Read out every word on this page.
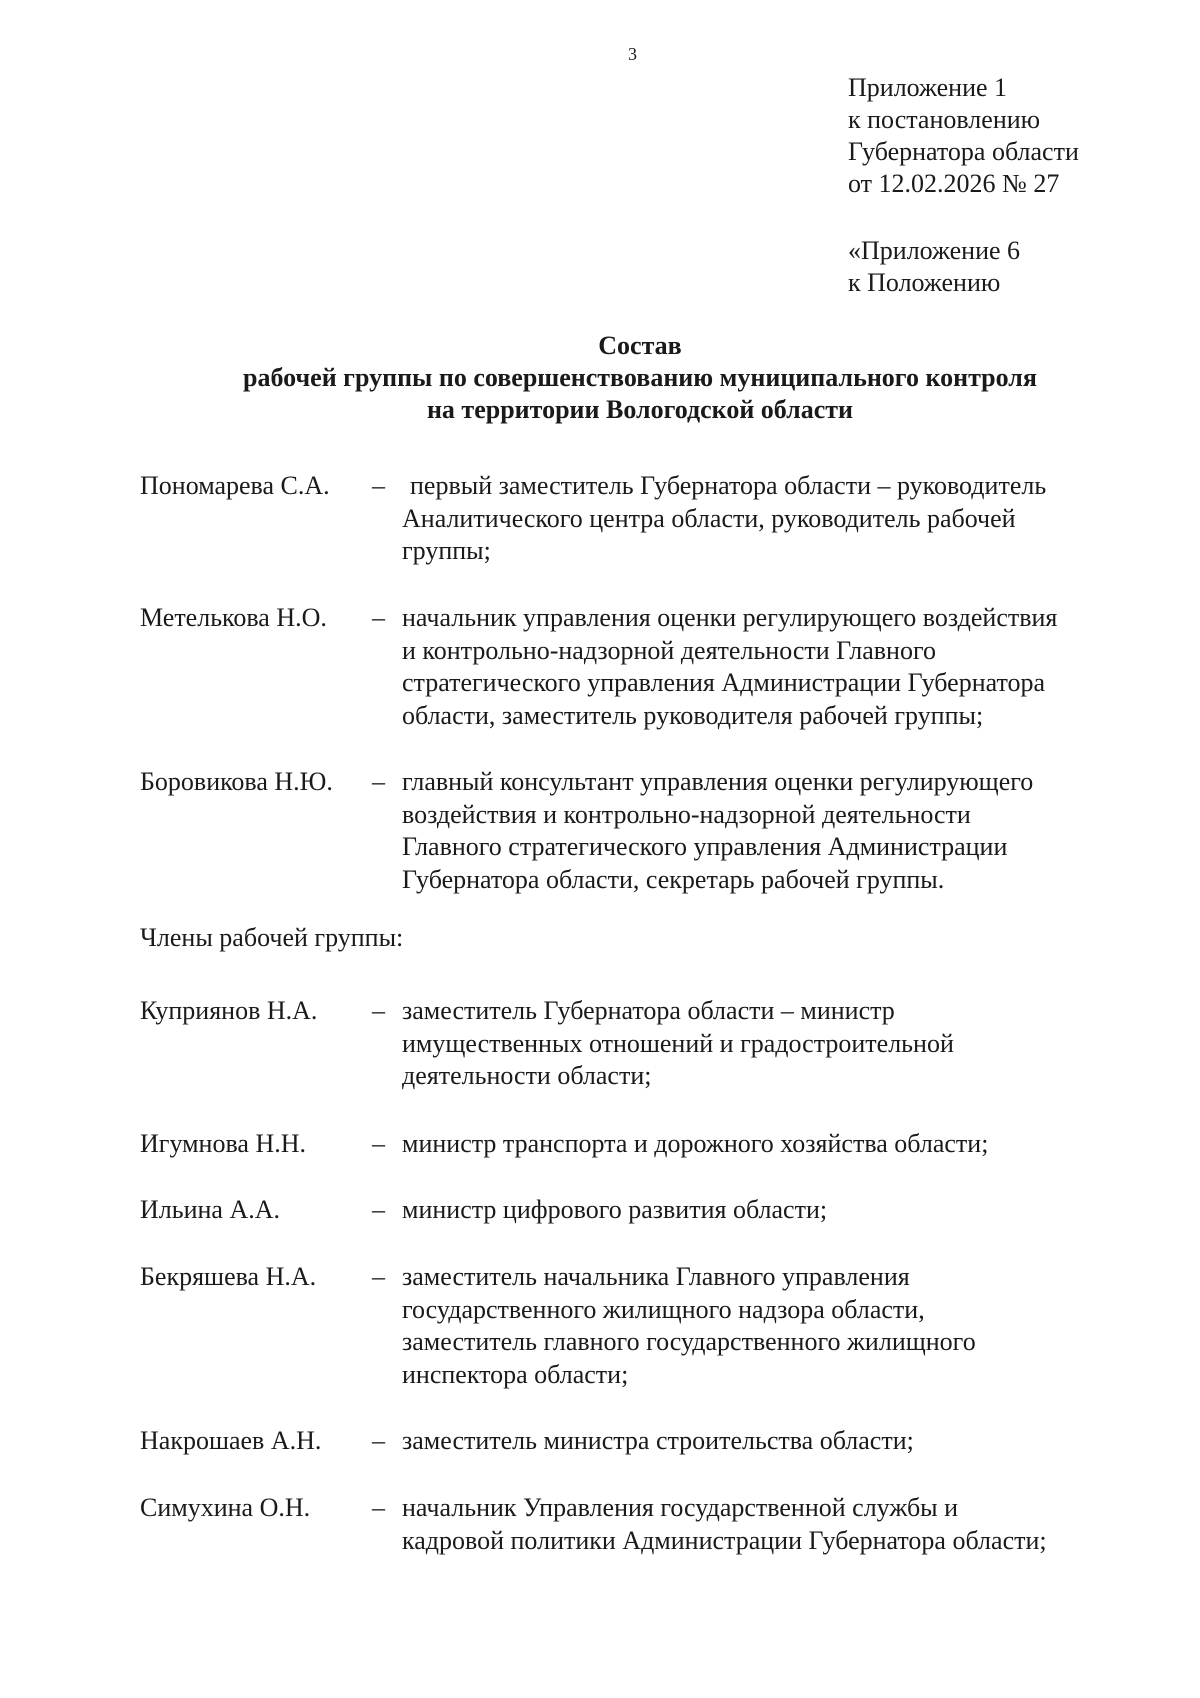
3
Приложение 1
к постановлению
Губернатора области
от 12.02.2026 № 27
«Приложение 6
к Положению
Состав
рабочей группы по совершенствованию муниципального контроля
на территории Вологодской области
Пономарева С.А. – первый заместитель Губернатора области – руководитель
Аналитического центра области, руководитель рабочей
группы;
Метелькова Н.О. – начальник управления оценки регулирующего воздействия
и контрольно-надзорной деятельности Главного
стратегического управления Администрации Губернатора
области, заместитель руководителя рабочей группы;
Боровикова Н.Ю. – главный консультант управления оценки регулирующего
воздействия и контрольно-надзорной деятельности
Главного стратегического управления Администрации
Губернатора области, секретарь рабочей группы.
Члены рабочей группы:
Куприянов Н.А. – заместитель Губернатора области – министр
имущественных отношений и градостроительной
деятельности области;
Игумнова Н.Н.	– министр транспорта и дорожного хозяйства области;
Ильина А.А.	– министр цифрового развития области;
Бекряшева Н.А. – заместитель начальника Главного управления
государственного жилищного надзора области,
заместитель главного государственного жилищного
инспектора области;
Накрошаев А.Н. – заместитель министра строительства области;
Симухина О.Н. – начальник Управления государственной службы и
кадровой политики Администрации Губернатора области;
